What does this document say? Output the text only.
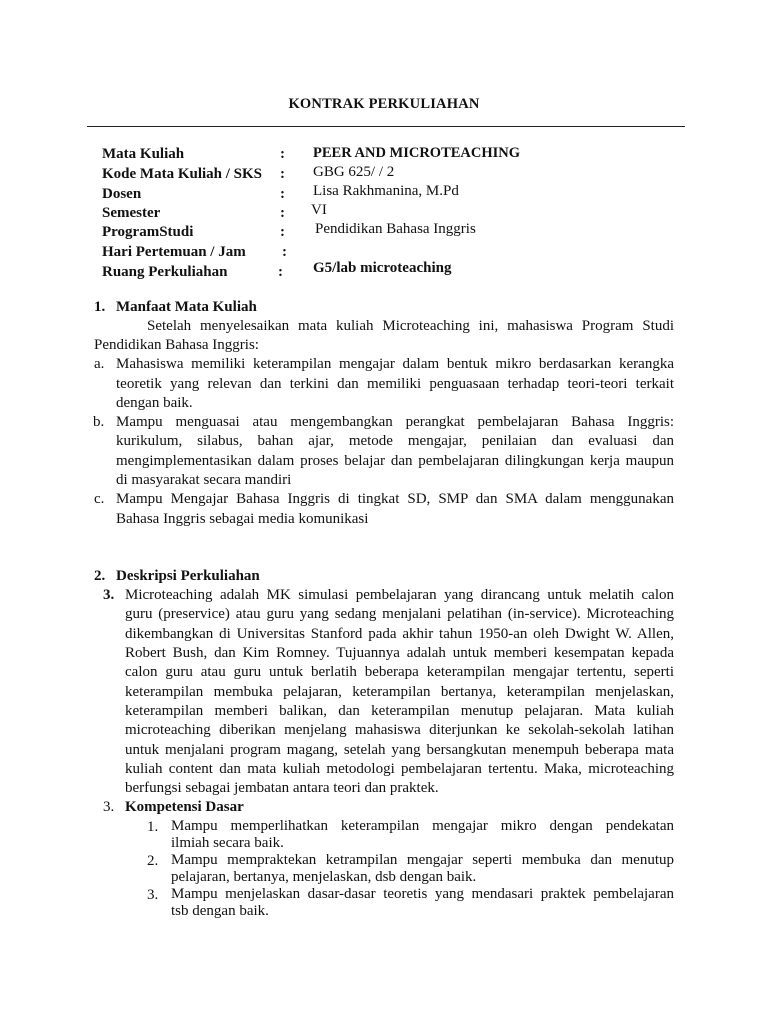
KONTRAK PERKULIAHAN
Mata Kuliah	: PEER AND MICROTEACHING
Kode Mata Kuliah / SKS : GBG 625/ / 2
Dosen	: Lisa Rakhmanina, M.Pd
Semester	: VI
ProgramStudi	: Pendidikan Bahasa Inggris
Hari Pertemuan / Jam :
Ruang Perkuliahan	: G5/lab microteaching
1. Manfaat Mata Kuliah
Setelah menyelesaikan mata kuliah Microteaching ini, mahasiswa Program Studi
Pendidikan Bahasa Inggris:
a. Mahasiswa memiliki keterampilan mengajar dalam bentuk mikro berdasarkan kerangka
teoretik yang relevan dan terkini dan memiliki penguasaan terhadap teori-teori terkait
dengan baik.
b. Mampu menguasai atau mengembangkan perangkat pembelajaran Bahasa Inggris:
kurikulum, silabus, bahan ajar, metode mengajar, penilaian dan evaluasi dan
mengimplementasikan dalam proses belajar dan pembelajaran dilingkungan kerja maupun
di masyarakat secara mandiri
c. Mampu Mengajar Bahasa Inggris di tingkat SD, SMP dan SMA dalam menggunakan
Bahasa Inggris sebagai media komunikasi
2. Deskripsi Perkuliahan
3. Microteaching adalah MK simulasi pembelajaran yang dirancang untuk melatih calon
guru (preservice) atau guru yang sedang menjalani pelatihan (in-service). Microteaching
dikembangkan di Universitas Stanford pada akhir tahun 1950-an oleh Dwight W. Allen,
Robert Bush, dan Kim Romney. Tujuannya adalah untuk memberi kesempatan kepada
calon guru atau guru untuk berlatih beberapa keterampilan mengajar tertentu, seperti
keterampilan membuka pelajaran, keterampilan bertanya, keterampilan menjelaskan,
keterampilan memberi balikan, dan keterampilan menutup pelajaran. Mata kuliah
microteaching diberikan menjelang mahasiswa diterjunkan ke sekolah-sekolah latihan
untuk menjalani program magang, setelah yang bersangkutan menempuh beberapa mata
kuliah content dan mata kuliah metodologi pembelajaran tertentu. Maka, microteaching
berfungsi sebagai jembatan antara teori dan praktek.
3. Kompetensi Dasar
1. Mampu memperlihatkan keterampilan mengajar mikro dengan pendekatan
ilmiah secara baik.
2. Mampu mempraktekan ketrampilan mengajar seperti membuka dan menutup
pelajaran, bertanya, menjelaskan, dsb dengan baik.
3. Mampu menjelaskan dasar-dasar teoretis yang mendasari praktek pembelajaran
tsb dengan baik.
